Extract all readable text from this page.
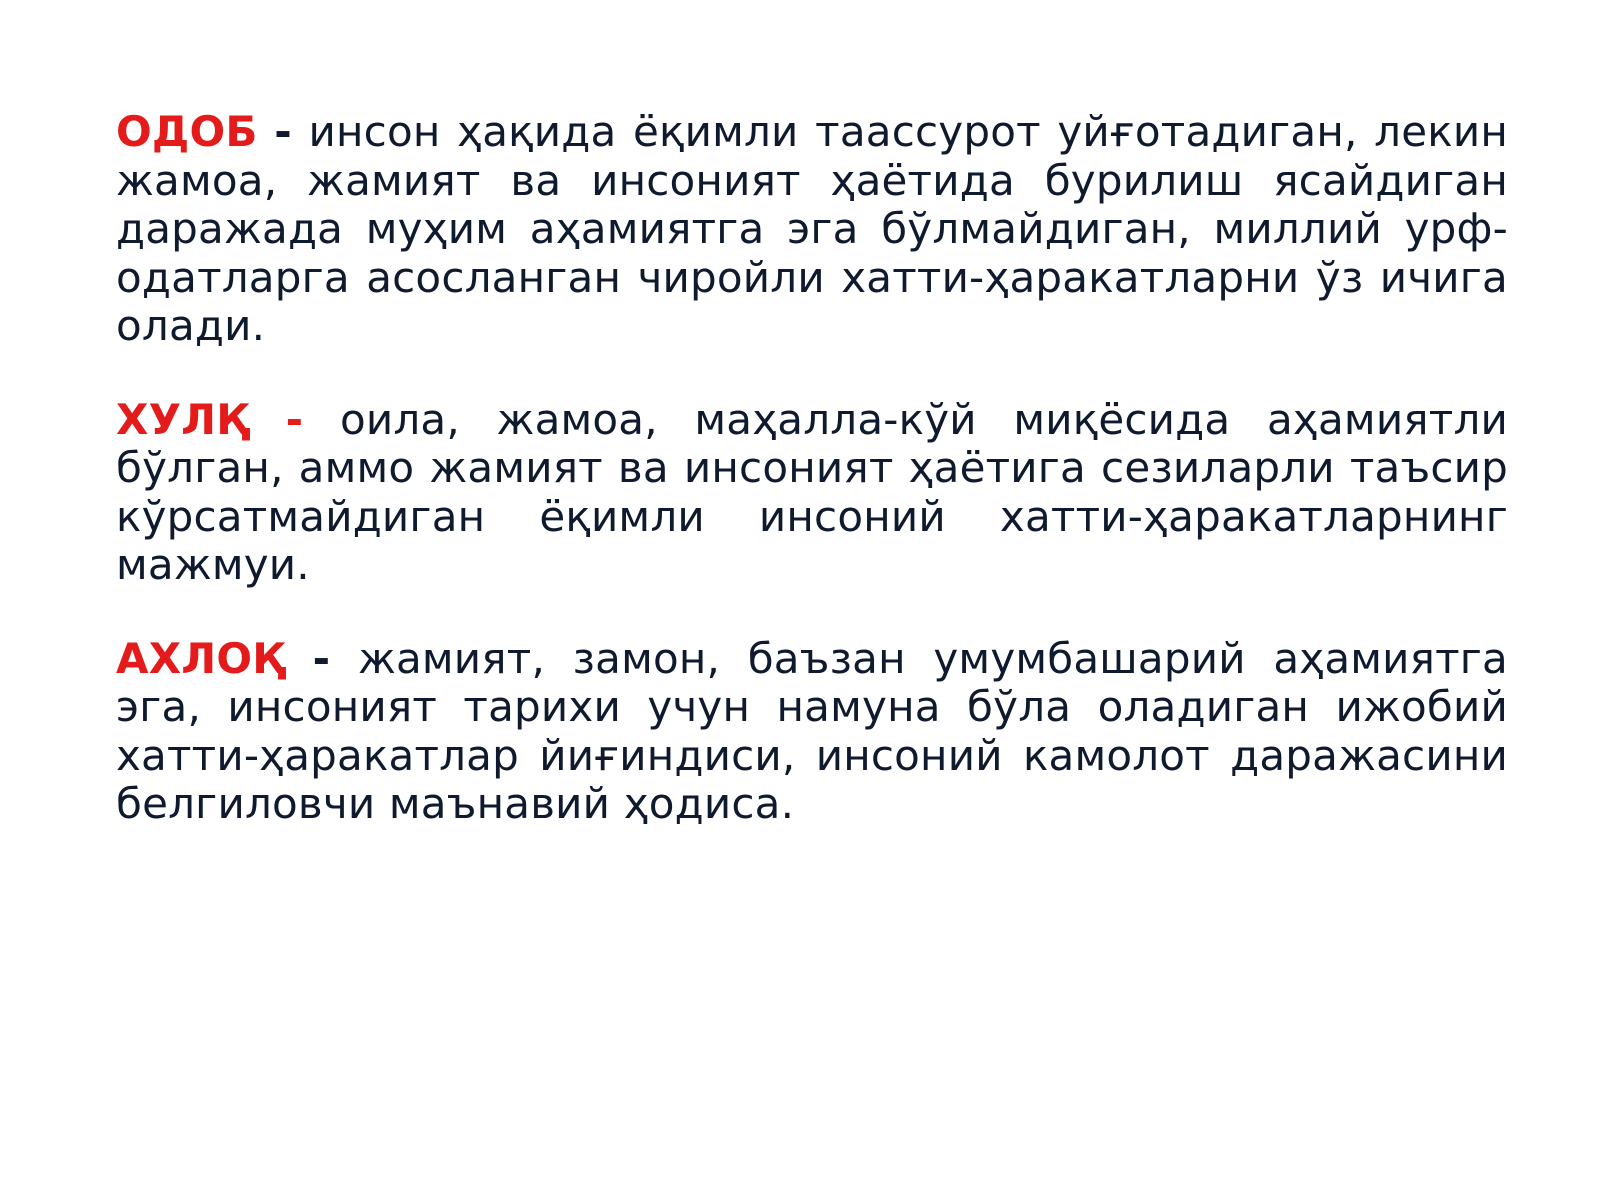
ОДОБ - инсон ҳақида ёқимли таассурот уйғотадиган, лекин жамоа, жамият ва инсоният ҳаётида бурилиш ясайдиган даражада муҳим аҳамиятга эга бўлмайдиган, миллий урф-одатларга асосланган чиройли хатти-ҳаракатларни ўз ичига олади.

ХУЛҚ - оила, жамоа, маҳалла-кўй миқёсида аҳамиятли бўлган, аммо жамият ва инсоният ҳаётига сезиларли таъсир кўрсатмайдиган ёқимли инсоний хатти-ҳаракатларнинг мажмуи.

АХЛОҚ - жамият, замон, баъзан умумбашарий аҳамиятга эга, инсоният тарихи учун намуна бўла оладиган ижобий хатти-ҳаракатлар йиғиндиси, инсоний камолот даражасини белгиловчи маънавий ҳодиса.
